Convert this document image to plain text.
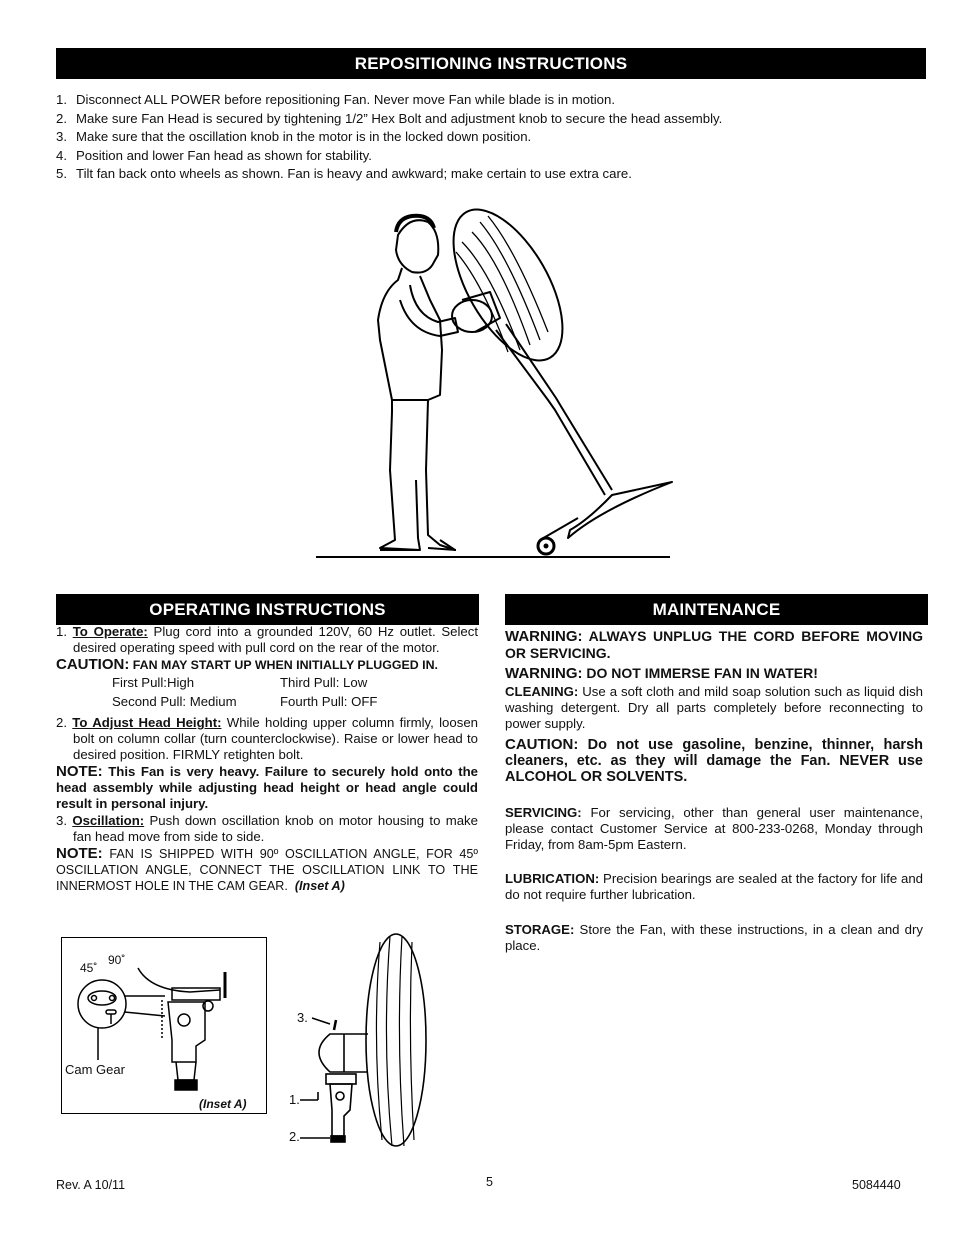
REPOSITIONING INSTRUCTIONS
1. Disconnect ALL POWER before repositioning Fan. Never move Fan while blade is in motion.
2. Make sure Fan Head is secured by tightening 1/2” Hex Bolt and adjustment knob to secure the head assembly.
3. Make sure that the oscillation knob in the motor is in the locked down position.
4. Position and lower Fan head as shown for stability.
5. Tilt fan back onto wheels as shown. Fan is heavy and awkward; make certain to use extra care.
OPERATING INSTRUCTIONS
1. To Operate: Plug cord into a grounded 120V, 60 Hz outlet. Select desired operating speed with pull cord on the rear of the motor.
CAUTION: FAN MAY START UP WHEN INITIALLY PLUGGED IN.
First Pull:High	Third Pull: Low
Second Pull: Medium	Fourth Pull: OFF
2. To Adjust Head Height: While holding upper column firmly, loosen bolt on column collar (turn counterclockwise). Raise or lower head to desired position. FIRMLY retighten bolt.
NOTE: This Fan is very heavy. Failure to securely hold onto the head assembly while adjusting head height or head angle could result in personal injury.
3. Oscillation: Push down oscillation knob on motor housing to make fan head move from side to side.
NOTE: FAN IS SHIPPED WITH 90º OSCILLATION ANGLE, FOR 45º OSCILLATION ANGLE, CONNECT THE OSCILLATION LINK TO THE INNERMOST HOLE IN THE CAM GEAR. (Inset A)
45˚
90˚
Cam Gear
(Inset A)
3.
1.
2.
MAINTENANCE
WARNING: ALWAYS UNPLUG THE CORD BEFORE MOVING OR SERVICING.
WARNING: DO NOT IMMERSE FAN IN WATER!
CLEANING: Use a soft cloth and mild soap solution such as liquid dish washing detergent. Dry all parts completely before reconnecting to power supply.
CAUTION: Do not use gasoline, benzine, thinner, harsh cleaners, etc. as they will damage the Fan. NEVER use ALCOHOL OR SOLVENTS.
SERVICING: For servicing, other than general user maintenance, please contact Customer Service at 800-233-0268, Monday through Friday, from 8am-5pm Eastern.
LUBRICATION: Precision bearings are sealed at the factory for life and do not require further lubrication.
STORAGE: Store the Fan, with these instructions, in a clean and dry place.
Rev. A 10/11	5	5084440
